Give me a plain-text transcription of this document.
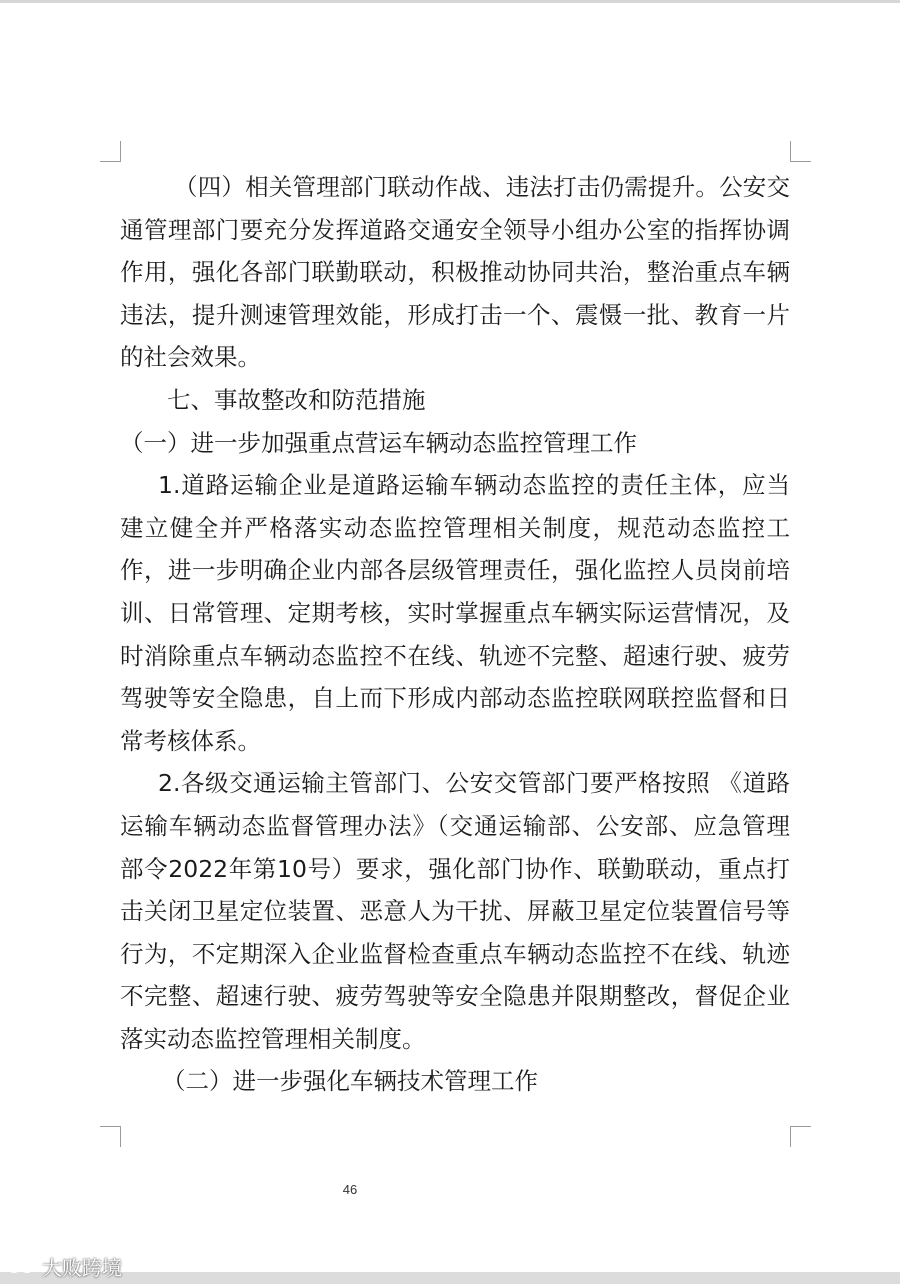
（四）相关管理部门联动作战、违法打击仍需提升。公安交
通管理部门要充分发挥道路交通安全领导小组办公室的指挥协调
作用，强化各部门联勤联动，积极推动协同共治，整治重点车辆
违法，提升测速管理效能，形成打击一个、震慑一批、教育一片
的社会效果。
七、事故整改和防范措施
（一）进一步加强重点营运车辆动态监控管理工作
1.道路运输企业是道路运输车辆动态监控的责任主体，应当
建立健全并严格落实动态监控管理相关制度，规范动态监控工
作，进一步明确企业内部各层级管理责任，强化监控人员岗前培
训、日常管理、定期考核，实时掌握重点车辆实际运营情况，及
时消除重点车辆动态监控不在线、轨迹不完整、超速行驶、疲劳
驾驶等安全隐患，自上而下形成内部动态监控联网联控监督和日
常考核体系。
2.各级交通运输主管部门、公安交管部门要严格按照 《道路
运输车辆动态监督管理办法》（交通运输部、公安部、应急管理
部令2022年第10号）要求，强化部门协作、联勤联动，重点打
击关闭卫星定位装置、恶意人为干扰、屏蔽卫星定位装置信号等
行为，不定期深入企业监督检查重点车辆动态监控不在线、轨迹
不完整、超速行驶、疲劳驾驶等安全隐患并限期整改，督促企业
落实动态监控管理相关制度。
（二）进一步强化车辆技术管理工作
46
大败跨境
